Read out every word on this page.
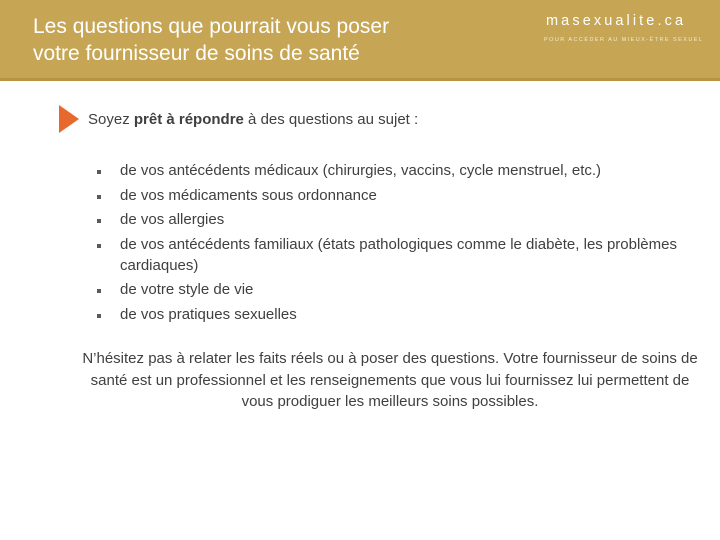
Les questions que pourrait vous poser
votre fournisseur de soins de santé
masexualite.ca
POUR ACCÉDER AU MIEUX-ÊTRE SEXUEL

Soyez prêt à répondre à des questions au sujet :

de vos antécédents médicaux (chirurgies, vaccins, cycle menstruel, etc.)
de vos médicaments sous ordonnance
de vos allergies
de vos antécédents familiaux (états pathologiques comme le diabète, les problèmes cardiaques)
de votre style de vie
de vos pratiques sexuelles

N’hésitez pas à relater les faits réels ou à poser des questions. Votre fournisseur de soins de santé est un professionnel et les renseignements que vous lui fournissez lui permettent de vous prodiguer les meilleurs soins possibles.
